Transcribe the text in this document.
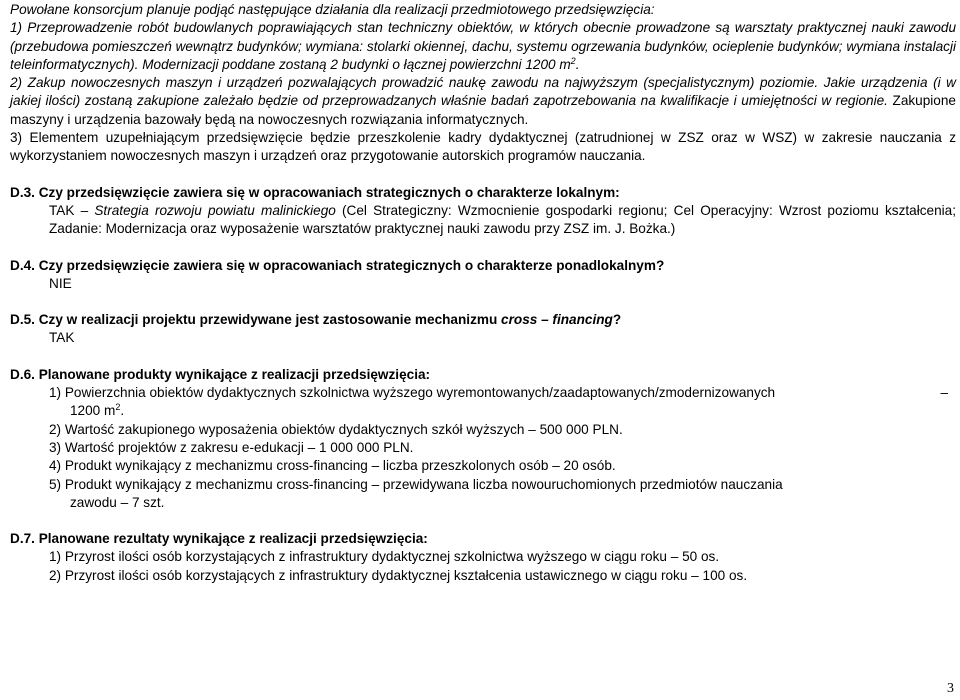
Powołane konsorcjum planuje podjąć następujące działania dla realizacji przedmiotowego przedsięwzięcia:

1) Przeprowadzenie robót budowlanych poprawiających stan techniczny obiektów, w których obecnie prowadzone są warsztaty praktycznej nauki zawodu (przebudowa pomieszczeń wewnątrz budynków; wymiana: stolarki okiennej, dachu, systemu ogrzewania budynków, ocieplenie budynków; wymiana instalacji teleinformatycznych). Modernizacji poddane zostaną 2 budynki o łącznej powierzchni 1200 $m^2$.

2) Zakup nowoczesnych maszyn i urządzeń pozwalających prowadzić naukę zawodu na najwyższym (specjalistycznym) poziomie. Jakie urządzenia (i w jakiej ilości) zostaną zakupione zależało będzie od przeprowadzanych właśnie badań zapotrzebowania na kwalifikacje i umiejętności w regionie. Zakupione maszyny i urządzenia bazowały będą na nowoczesnych rozwiązania informatycznych.

3) Elementem uzupełniającym przedsięwzięcie będzie przeszkolenie kadry dydaktycznej (zatrudnionej w ZSZ oraz w WSZ) w zakresie nauczania z wykorzystaniem nowoczesnych maszyn i urządzeń oraz przygotowanie autorskich programów nauczania.

D.3. Czy przedsięwzięcie zawiera się w opracowaniach strategicznych o charakterze lokalnym:

TAK – Strategia rozwoju powiatu malinickiego (Cel Strategiczny: Wzmocnienie gospodarki regionu; Cel Operacyjny: Wzrost poziomu kształcenia; Zadanie: Modernizacja oraz wyposażenie warsztatów praktycznej nauki zawodu przy ZSZ im. J. Bożka.)

D.4. Czy przedsięwzięcie zawiera się w opracowaniach strategicznych o charakterze ponadlokalnym?

NIE

D.5. Czy w realizacji projektu przewidywane jest zastosowanie mechanizmu cross – financing?

TAK

D.6. Planowane produkty wynikające z realizacji przedsięwzięcia:

1) Powierzchnia obiektów dydaktycznych szkolnictwa wyższego wyremontowanych/zaadaptowanych/zmodernizowanych	–

1200 $m^2$.

2) Wartość zakupionego wyposażenia obiektów dydaktycznych szkół wyższych – 500 000 PLN.

3) Wartość projektów z zakresu e-edukacji – 1 000 000 PLN.

4) Produkt wynikający z mechanizmu cross-financing – liczba przeszkolonych osób – 20 osób.

5) Produkt wynikający z mechanizmu cross-financing – przewidywana liczba nowouruchomionych przedmiotów nauczania

zawodu – 7 szt.

D.7. Planowane rezultaty wynikające z realizacji przedsięwzięcia:

1) Przyrost ilości osób korzystających z infrastruktury dydaktycznej szkolnictwa wyższego w ciągu roku – 50 os.

2) Przyrost ilości osób korzystających z infrastruktury dydaktycznej kształcenia ustawicznego w ciągu roku – 100 os.

3
